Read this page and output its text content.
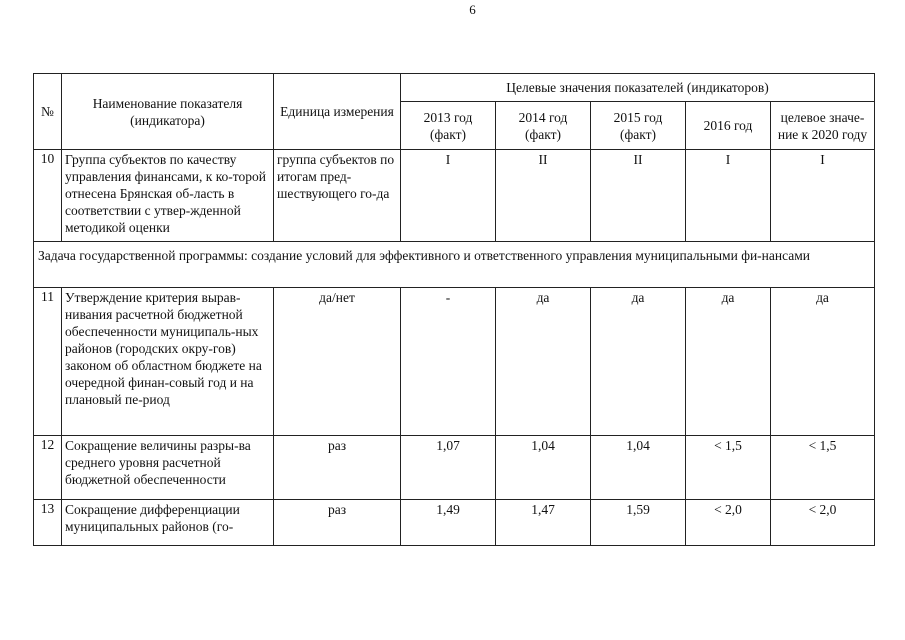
6
№	Наименование показателя (индикатора)	Единица измерения	Целевые значения показателей (индикаторов)				
			2013 год (факт)	2014 год (факт)	2015 год (факт)	2016 год	целевое значе-ние к 2020 году
10	Группа субъектов по качеству управления финансами, к ко-торой отнесена Брянская об-ласть в соответствии с утвер-жденной методикой оценки	группа субъектов по итогам пред-шествующего го-да	I	II	II	I	I
Задача государственной программы: создание условий для эффективного и ответственного управления муниципальными фи-нансами							
11	Утверждение критерия вырав-нивания расчетной бюджетной обеспеченности муниципаль-ных районов (городских окру-гов) законом об областном бюджете на очередной финан-совый год и на плановый пе-риод	да/нет	-	да	да	да	да
12	Сокращение величины разры-ва среднего уровня расчетной бюджетной обеспеченности	раз	1,07	1,04	1,04	< 1,5	< 1,5
13	Сокращение дифференциации муниципальных районов (го-	раз	1,49	1,47	1,59	< 2,0	< 2,0
